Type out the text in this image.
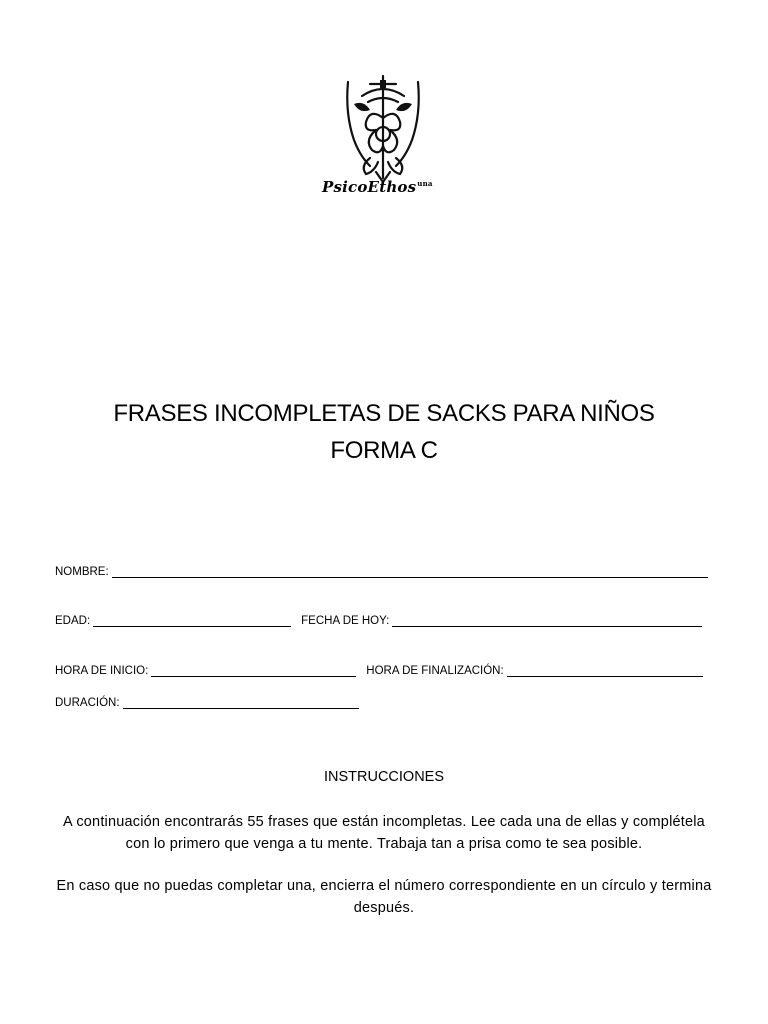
PsicoEthos$^{una}$
FRASES INCOMPLETAS DE SACKS PARA NIÑOS
FORMA C
NOMBRE:
EDAD:	FECHA DE HOY:
HORA DE INICIO:	HORA DE FINALIZACIÓN:
DURACIÓN:
INSTRUCCIONES
A continuación encontrarás 55 frases que están incompletas. Lee cada una de ellas y complétela con lo primero que venga a tu mente. Trabaja tan a prisa como te sea posible.
En caso que no puedas completar una, encierra el número correspondiente en un círculo y termina después.
